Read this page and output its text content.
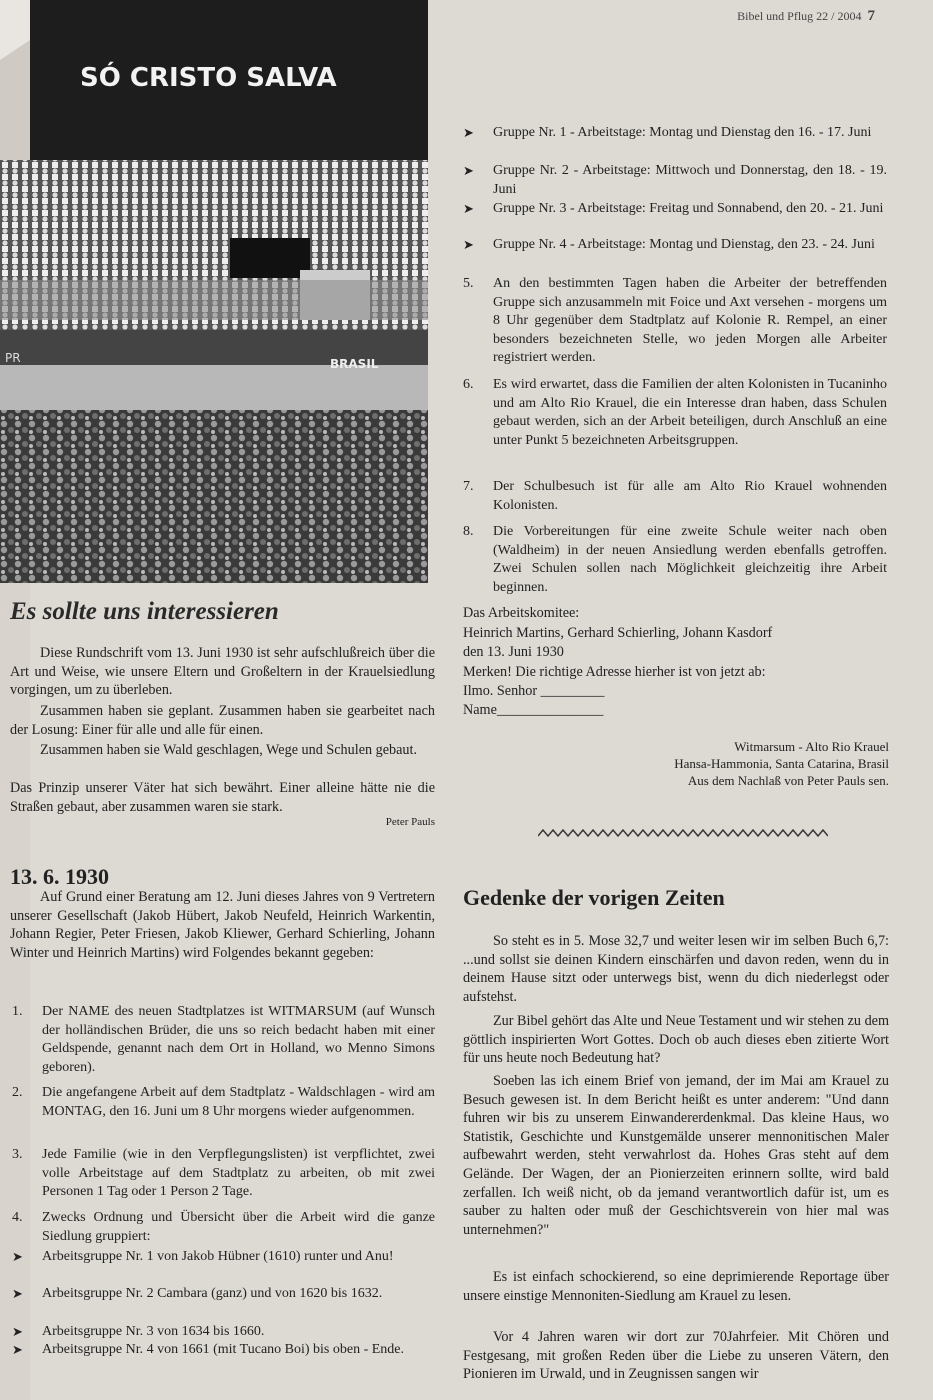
Bibel und Pflug 22 / 2004 7
SÓ CRISTO SALVA
PR	BRASIL
Es sollte uns interessieren
Diese Rundschrift vom 13. Juni 1930 ist sehr aufschlußreich über die Art und Weise, wie unsere Eltern und Großeltern in der Krauelsiedlung vorgingen, um zu überleben.
Zusammen haben sie geplant. Zusammen haben sie gearbeitet nach der Losung: Einer für alle und alle für einen.
Zusammen haben sie Wald geschlagen, Wege und Schulen gebaut.
Das Prinzip unserer Väter hat sich bewährt. Einer alleine hätte nie die Straßen gebaut, aber zusammen waren sie stark.
Peter Pauls
13. 6. 1930
Auf Grund einer Beratung am 12. Juni dieses Jahres von 9 Vertretern unserer Gesellschaft (Jakob Hübert, Jakob Neufeld, Heinrich Warkentin, Johann Regier, Peter Friesen, Jakob Kliewer, Gerhard Schierling, Johann Winter und Heinrich Martins) wird Folgendes bekannt gegeben:
1. Der NAME des neuen Stadtplatzes ist WITMARSUM (auf Wunsch der holländischen Brüder, die uns so reich bedacht haben mit einer Geldspende, genannt nach dem Ort in Holland, wo Menno Simons geboren).
2. Die angefangene Arbeit auf dem Stadtplatz - Waldschlagen - wird am MONTAG, den 16. Juni um 8 Uhr morgens wieder aufgenommen.
3. Jede Familie (wie in den Verpflegungslisten) ist verpflichtet, zwei volle Arbeitstage auf dem Stadtplatz zu arbeiten, ob mit zwei Personen 1 Tag oder 1 Person 2 Tage.
4. Zwecks Ordnung und Übersicht über die Arbeit wird die ganze Siedlung gruppiert:
➤ Arbeitsgruppe Nr. 1 von Jakob Hübner (1610) runter und Anu!
➤ Arbeitsgruppe Nr. 2 Cambara (ganz) und von 1620 bis 1632.
➤ Arbeitsgruppe Nr. 3 von 1634 bis 1660.
➤ Arbeitsgruppe Nr. 4 von 1661 (mit Tucano Boi) bis oben - Ende.
➤ Gruppe Nr. 1 - Arbeitstage: Montag und Dienstag den 16. - 17. Juni
➤ Gruppe Nr. 2 - Arbeitstage: Mittwoch und Donnerstag, den 18. - 19. Juni
➤ Gruppe Nr. 3 - Arbeitstage: Freitag und Sonnabend, den 20. - 21. Juni
➤ Gruppe Nr. 4 - Arbeitstage: Montag und Dienstag, den 23. - 24. Juni
5. An den bestimmten Tagen haben die Arbeiter der betreffenden Gruppe sich anzusammeln mit Foice und Axt versehen - morgens um 8 Uhr gegenüber dem Stadtplatz auf Kolonie R. Rempel, an einer besonders bezeichneten Stelle, wo jeden Morgen alle Arbeiter registriert werden.
6. Es wird erwartet, dass die Familien der alten Kolonisten in Tucaninho und am Alto Rio Krauel, die ein Interesse dran haben, dass Schulen gebaut werden, sich an der Arbeit beteiligen, durch Anschluß an eine unter Punkt 5 bezeichneten Arbeitsgruppen.
7. Der Schulbesuch ist für alle am Alto Rio Krauel wohnenden Kolonisten.
8. Die Vorbereitungen für eine zweite Schule weiter nach oben (Waldheim) in der neuen Ansiedlung werden ebenfalls getroffen. Zwei Schulen sollen nach Möglichkeit gleichzeitig ihre Arbeit beginnen.
Das Arbeitskomitee:
Heinrich Martins, Gerhard Schierling, Johann Kasdorf
den 13. Juni 1930
Merken! Die richtige Adresse hierher ist von jetzt ab:
Ilmo. Senhor _________
Name_______________
Witmarsum - Alto Rio Krauel
Hansa-Hammonia, Santa Catarina, Brasil
Aus dem Nachlaß von Peter Pauls sen.
Gedenke der vorigen Zeiten
So steht es in 5. Mose 32,7 und weiter lesen wir im selben Buch 6,7: ...und sollst sie deinen Kindern einschärfen und davon reden, wenn du in deinem Hause sitzt oder unterwegs bist, wenn du dich niederlegst oder aufstehst.
Zur Bibel gehört das Alte und Neue Testament und wir stehen zu dem göttlich inspirierten Wort Gottes. Doch ob auch dieses eben zitierte Wort für uns heute noch Bedeutung hat?
Soeben las ich einem Brief von jemand, der im Mai am Krauel zu Besuch gewesen ist. In dem Bericht heißt es unter anderem: "Und dann fuhren wir bis zu unserem Einwandererdenkmal. Das kleine Haus, wo Statistik, Geschichte und Kunstgemälde unserer mennonitischen Maler aufbewahrt werden, steht verwahrlost da. Hohes Gras steht auf dem Gelände. Der Wagen, der an Pionierzeiten erinnern sollte, wird bald zerfallen. Ich weiß nicht, ob da jemand verantwortlich dafür ist, um es sauber zu halten oder muß der Geschichtsverein von hier mal was unternehmen?"
Es ist einfach schockierend, so eine deprimierende Reportage über unsere einstige Mennoniten-Siedlung am Krauel zu lesen.
Vor 4 Jahren waren wir dort zur 70Jahrfeier. Mit Chören und Festgesang, mit großen Reden über die Liebe zu unseren Vätern, den Pionieren im Urwald, und in Zeugnissen sangen wir
